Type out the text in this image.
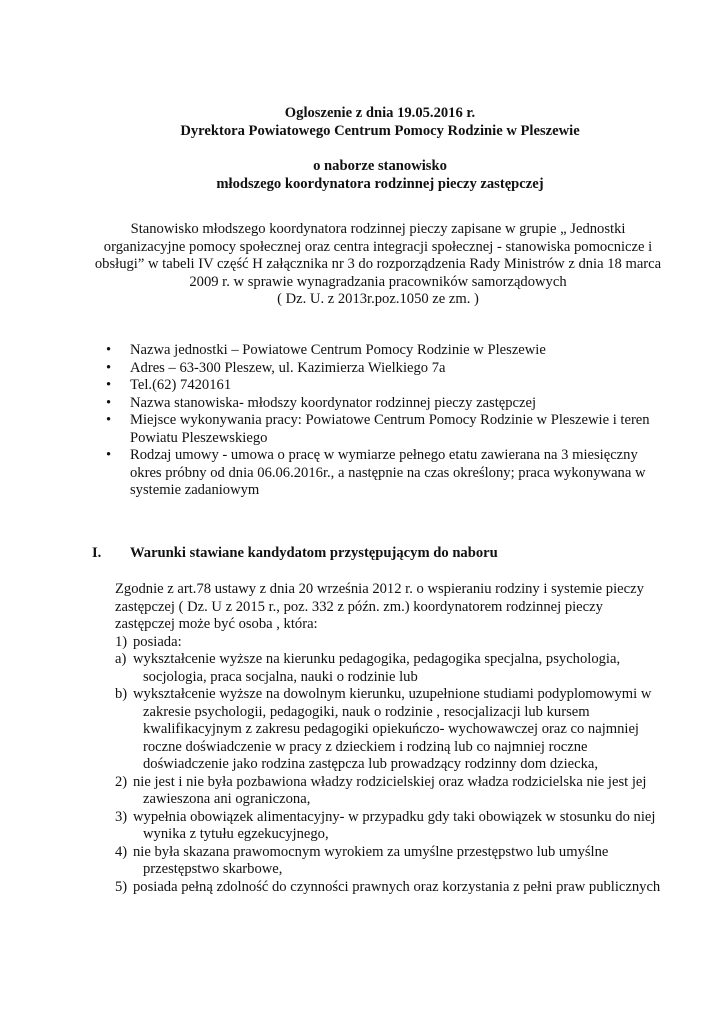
Ogloszenie z dnia 19.05.2016 r.
Dyrektora Powiatowego Centrum Pomocy Rodzinie w Pleszewie
o naborze stanowisko
młodszego koordynatora rodzinnej pieczy zastępczej
Stanowisko młodszego koordynatora rodzinnej pieczy zapisane w grupie „ Jednostki
organizacyjne pomocy społecznej oraz centra integracji społecznej - stanowiska pomocnicze i
obsługi” w tabeli IV część H załącznika nr 3 do rozporządzenia Rady Ministrów z dnia 18 marca
2009 r. w sprawie wynagradzania pracowników samorządowych
( Dz. U. z 2013r.poz.1050 ze zm. )
• Nazwa jednostki – Powiatowe Centrum Pomocy Rodzinie w Pleszewie
• Adres – 63-300 Pleszew, ul. Kazimierza Wielkiego 7a
• Tel.(62) 7420161
• Nazwa stanowiska- młodszy koordynator rodzinnej pieczy zastępczej
• Miejsce wykonywania pracy: Powiatowe Centrum Pomocy Rodzinie w Pleszewie i teren
Powiatu Pleszewskiego
• Rodzaj umowy - umowa o pracę w wymiarze pełnego etatu zawierana na 3 miesięczny
okres próbny od dnia 06.06.2016r., a następnie na czas określony; praca wykonywana w
systemie zadaniowym
I. Warunki stawiane kandydatom przystępującym do naboru
Zgodnie z art.78 ustawy z dnia 20 września 2012 r. o wspieraniu rodziny i systemie pieczy
zastępczej ( Dz. U z 2015 r., poz. 332 z późn. zm.) koordynatorem rodzinnej pieczy
zastępczej może być osoba , która:
1) posiada:
a) wykształcenie wyższe na kierunku pedagogika, pedagogika specjalna, psychologia,
socjologia, praca socjalna, nauki o rodzinie lub
b) wykształcenie wyższe na dowolnym kierunku, uzupełnione studiami podyplomowymi w
zakresie psychologii, pedagogiki, nauk o rodzinie , resocjalizacji lub kursem
kwalifikacyjnym z zakresu pedagogiki opiekuńczo- wychowawczej oraz co najmniej
roczne doświadczenie w pracy z dzieckiem i rodziną lub co najmniej roczne
doświadczenie jako rodzina zastępcza lub prowadzący rodzinny dom dziecka,
2) nie jest i nie była pozbawiona władzy rodzicielskiej oraz władza rodzicielska nie jest jej
zawieszona ani ograniczona,
3) wypełnia obowiązek alimentacyjny- w przypadku gdy taki obowiązek w stosunku do niej
wynika z tytułu egzekucyjnego,
4) nie była skazana prawomocnym wyrokiem za umyślne przestępstwo lub umyślne
przestępstwo skarbowe,
5) posiada pełną zdolność do czynności prawnych oraz korzystania z pełni praw publicznych
